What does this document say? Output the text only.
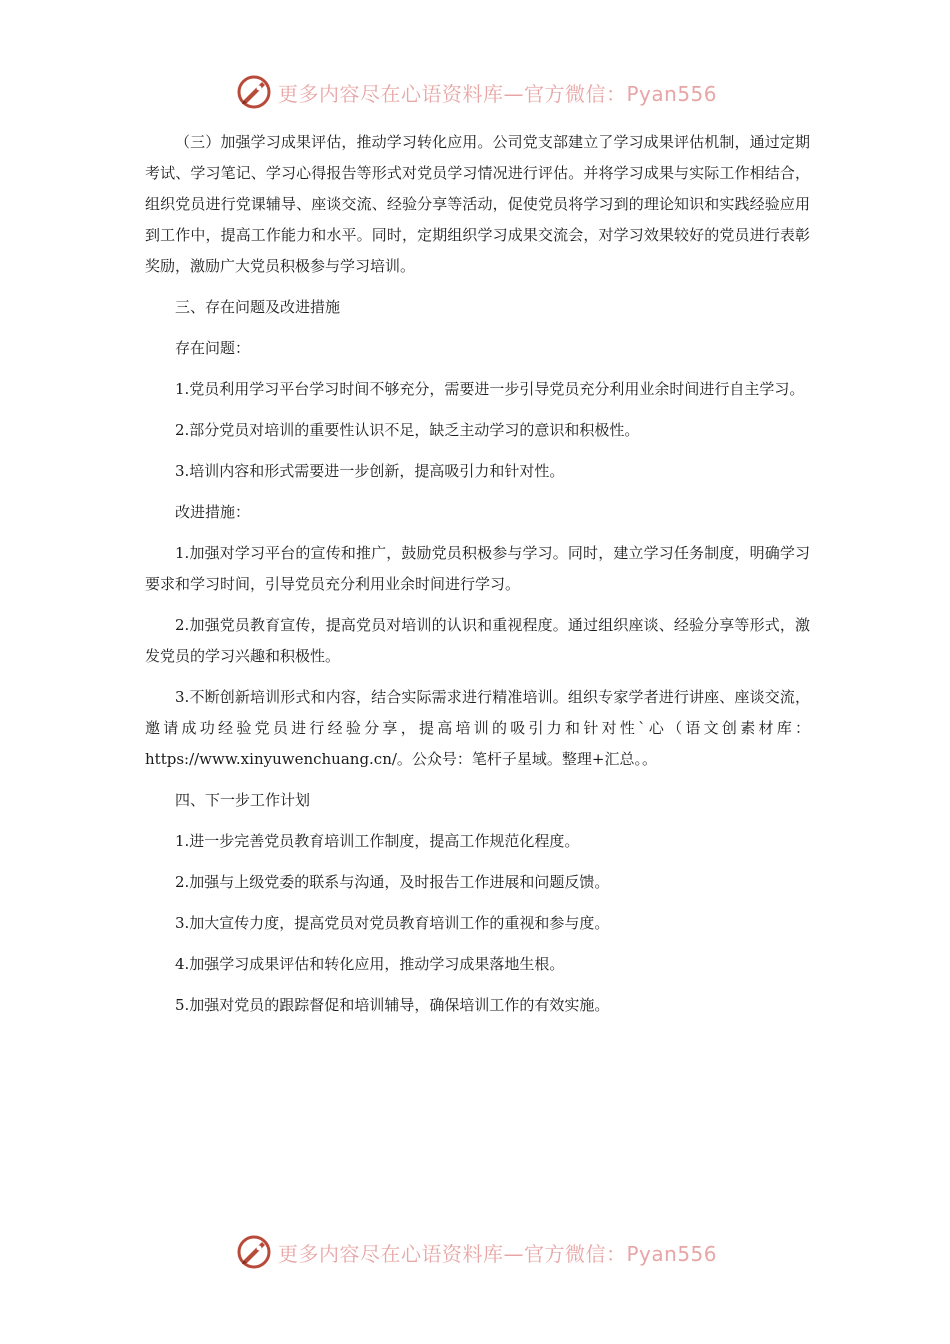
更多内容尽在心语资料库—官方微信：Pyan556

（三）加强学习成果评估，推动学习转化应用。公司党支部建立了学习成果评估机制，通过定期考试、学习笔记、学习心得报告等形式对党员学习情况进行评估。并将学习成果与实际工作相结合，组织党员进行党课辅导、座谈交流、经验分享等活动，促使党员将学习到的理论知识和实践经验应用到工作中，提高工作能力和水平。同时，定期组织学习成果交流会，对学习效果较好的党员进行表彰奖励，激励广大党员积极参与学习培训。

三、存在问题及改进措施

存在问题：

1.党员利用学习平台学习时间不够充分，需要进一步引导党员充分利用业余时间进行自主学习。

2.部分党员对培训的重要性认识不足，缺乏主动学习的意识和积极性。

3.培训内容和形式需要进一步创新，提高吸引力和针对性。

改进措施：

1.加强对学习平台的宣传和推广，鼓励党员积极参与学习。同时，建立学习任务制度，明确学习要求和学习时间，引导党员充分利用业余时间进行学习。

2.加强党员教育宣传，提高党员对培训的认识和重视程度。通过组织座谈、经验分享等形式，激发党员的学习兴趣和积极性。

3.不断创新培训形式和内容，结合实际需求进行精准培训。组织专家学者进行讲座、座谈交流，邀请成功经验党员进行经验分享，提高培训的吸引力和针对性`心（语文创素材库：https://www.xinyuwenchuang.cn/。公众号：笔杆子星域。整理+汇总。。

四、下一步工作计划

1.进一步完善党员教育培训工作制度，提高工作规范化程度。

2.加强与上级党委的联系与沟通，及时报告工作进展和问题反馈。

3.加大宣传力度，提高党员对党员教育培训工作的重视和参与度。

4.加强学习成果评估和转化应用，推动学习成果落地生根。

5.加强对党员的跟踪督促和培训辅导，确保培训工作的有效实施。

更多内容尽在心语资料库—官方微信：Pyan556
